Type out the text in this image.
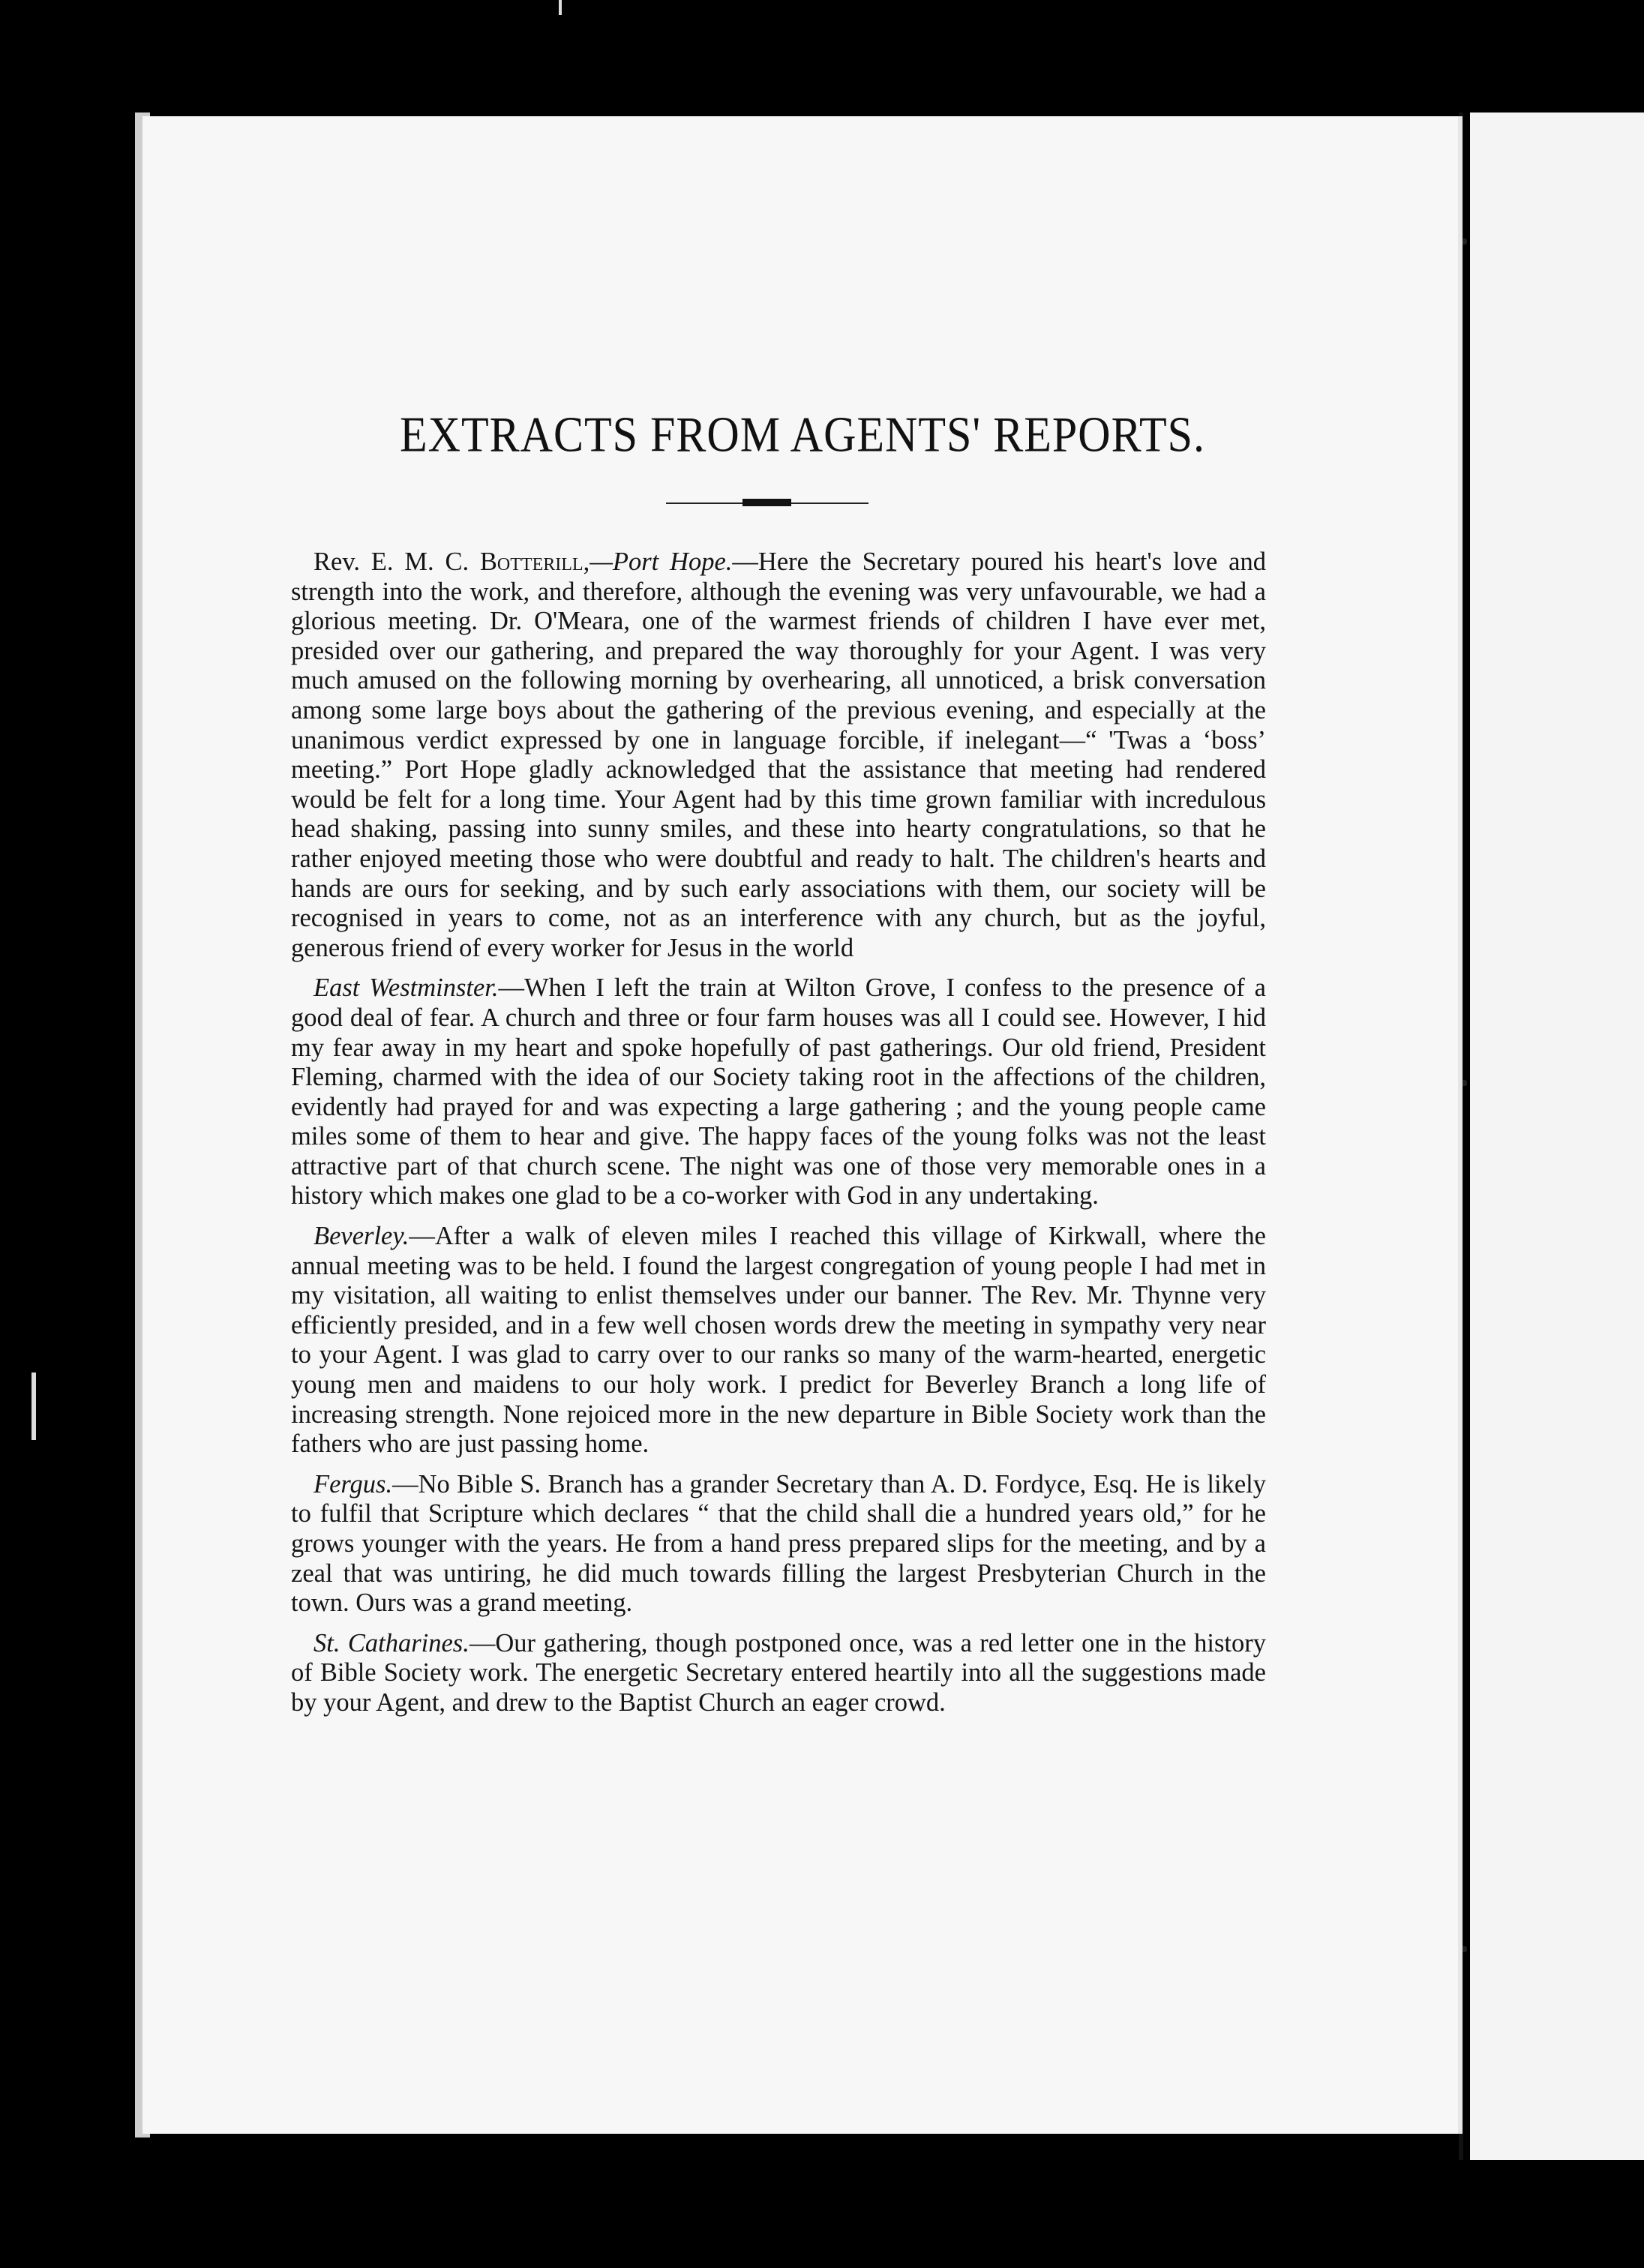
EXTRACTS FROM AGENTS' REPORTS.

Rev. E. M. C. Botterill,—Port Hope.—Here the Secretary poured his heart's love and strength into the work, and therefore, although the evening was very unfavourable, we had a glorious meeting. Dr. O'Meara, one of the warmest friends of children I have ever met, presided over our gathering, and prepared the way thoroughly for your Agent. I was very much amused on the following morning by overhearing, all unnoticed, a brisk conversation among some large boys about the gathering of the previous evening, and especially at the unanimous verdict expressed by one in language forcible, if inelegant—“ 'Twas a ‘boss’ meeting.” Port Hope gladly acknowledged that the assistance that meeting had rendered would be felt for a long time. Your Agent had by this time grown familiar with incredulous head shaking, passing into sunny smiles, and these into hearty congratulations, so that he rather enjoyed meeting those who were doubtful and ready to halt. The children's hearts and hands are ours for seeking, and by such early associations with them, our society will be recognised in years to come, not as an interference with any church, but as the joyful, generous friend of every worker for Jesus in the world

East Westminster.—When I left the train at Wilton Grove, I confess to the presence of a good deal of fear. A church and three or four farm houses was all I could see. However, I hid my fear away in my heart and spoke hopefully of past gatherings. Our old friend, President Fleming, charmed with the idea of our Society taking root in the affections of the children, evidently had prayed for and was expecting a large gathering ; and the young people came miles some of them to hear and give. The happy faces of the young folks was not the least attractive part of that church scene. The night was one of those very memorable ones in a history which makes one glad to be a co-worker with God in any undertaking.

Beverley.—After a walk of eleven miles I reached this village of Kirkwall, where the annual meeting was to be held. I found the largest congregation of young people I had met in my visitation, all waiting to enlist themselves under our banner. The Rev. Mr. Thynne very efficiently presided, and in a few well chosen words drew the meeting in sympathy very near to your Agent. I was glad to carry over to our ranks so many of the warm-hearted, energetic young men and maidens to our holy work. I predict for Beverley Branch a long life of increasing strength. None rejoiced more in the new departure in Bible Society work than the fathers who are just passing home.

Fergus.—No Bible S. Branch has a grander Secretary than A. D. Fordyce, Esq. He is likely to fulfil that Scripture which declares “ that the child shall die a hundred years old,” for he grows younger with the years. He from a hand press prepared slips for the meeting, and by a zeal that was untiring, he did much towards filling the largest Presbyterian Church in the town. Ours was a grand meeting.

St. Catharines.—Our gathering, though postponed once, was a red letter one in the history of Bible Society work. The energetic Secretary entered heartily into all the suggestions made by your Agent, and drew to the Baptist Church an eager crowd.
